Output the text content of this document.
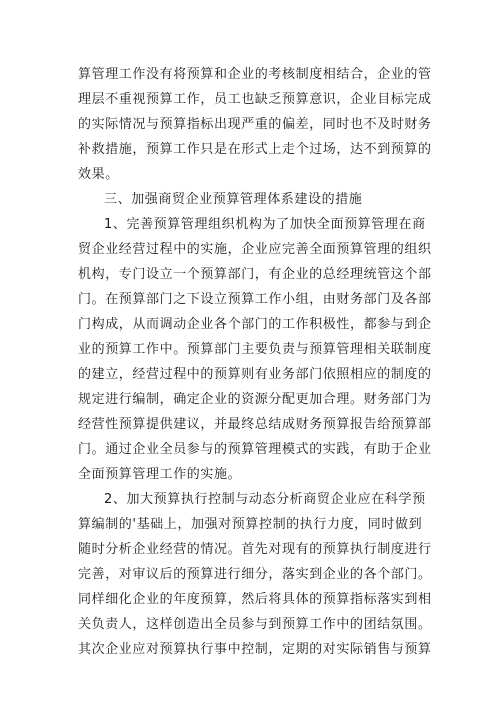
算管理工作没有将预算和企业的考核制度相结合，企业的管
理层不重视预算工作，员工也缺乏预算意识，企业目标完成
的实际情况与预算指标出现严重的偏差，同时也不及时财务
补救措施，预算工作只是在形式上走个过场，达不到预算的
效果。
三、加强商贸企业预算管理体系建设的措施
1、完善预算管理组织机构为了加快全面预算管理在商
贸企业经营过程中的实施，企业应完善全面预算管理的组织
机构，专门设立一个预算部门，有企业的总经理统管这个部
门。在预算部门之下设立预算工作小组，由财务部门及各部
门构成，从而调动企业各个部门的工作积极性，都参与到企
业的预算工作中。预算部门主要负责与预算管理相关联制度
的建立，经营过程中的预算则有业务部门依照相应的制度的
规定进行编制，确定企业的资源分配更加合理。财务部门为
经营性预算提供建议，并最终总结成财务预算报告给预算部
门。通过企业全员参与的预算管理模式的实践，有助于企业
全面预算管理工作的实施。
2、加大预算执行控制与动态分析商贸企业应在科学预
算编制的'基础上，加强对预算控制的执行力度，同时做到
随时分析企业经营的情况。首先对现有的预算执行制度进行
完善，对审议后的预算进行细分，落实到企业的各个部门。
同样细化企业的年度预算，然后将具体的预算指标落实到相
关负责人，这样创造出全员参与到预算工作中的团结氛围。
其次企业应对预算执行事中控制，定期的对实际销售与预算
